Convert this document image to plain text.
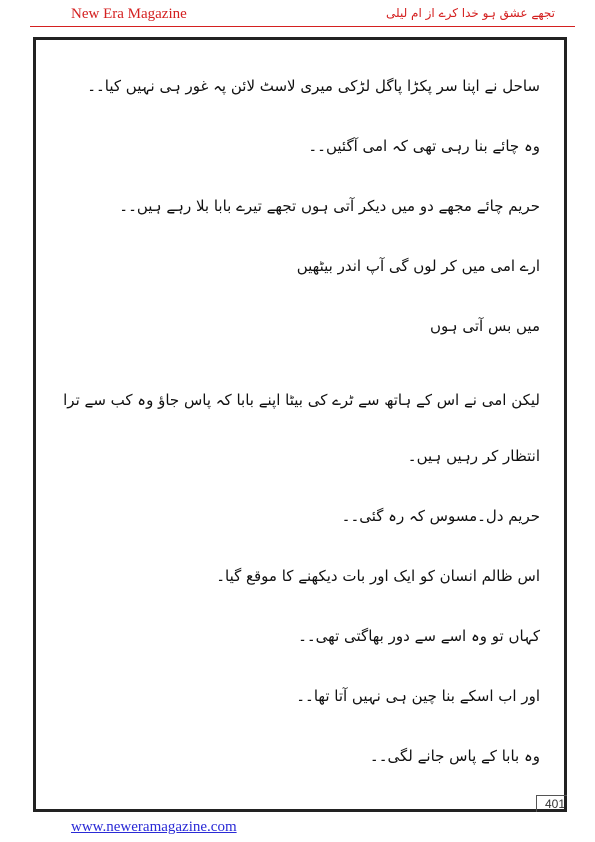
New Era Magazine	تجھے عشق ہو خدا کرے از ام لیلی

ساحل نے اپنا سر پکڑا پاگل لڑکی میری لاسٹ لائن پہ غور ہی نہیں کیا۔۔

وہ چائے بنا رہی تھی کہ امی آگئیں۔۔

حریم چائے مجھے دو میں دیکر آتی ہوں تجھے تیرے بابا بلا رہے ہیں۔۔

ارے امی میں کر لوں گی آپ اندر بیٹھیں

میں بس آتی ہوں

لیکن امی نے اس کے ہاتھ سے ٹرے کی بیٹا اپنے بابا کہ پاس جاؤ وہ کب سے ترا انتظار کر رہیں ہیں۔

حریم دل۔مسوس کہ رہ گئی۔۔

اس ظالم انسان کو ایک اور بات دیکھنے کا موقع گیا۔

کہاں تو وہ اسے سے دور بھاگتی تھی۔۔

اور اب اسکے بنا چین ہی نہیں آتا تھا۔۔

وہ بابا کے پاس جانے لگی۔۔

401
www.neweramagazine.com
